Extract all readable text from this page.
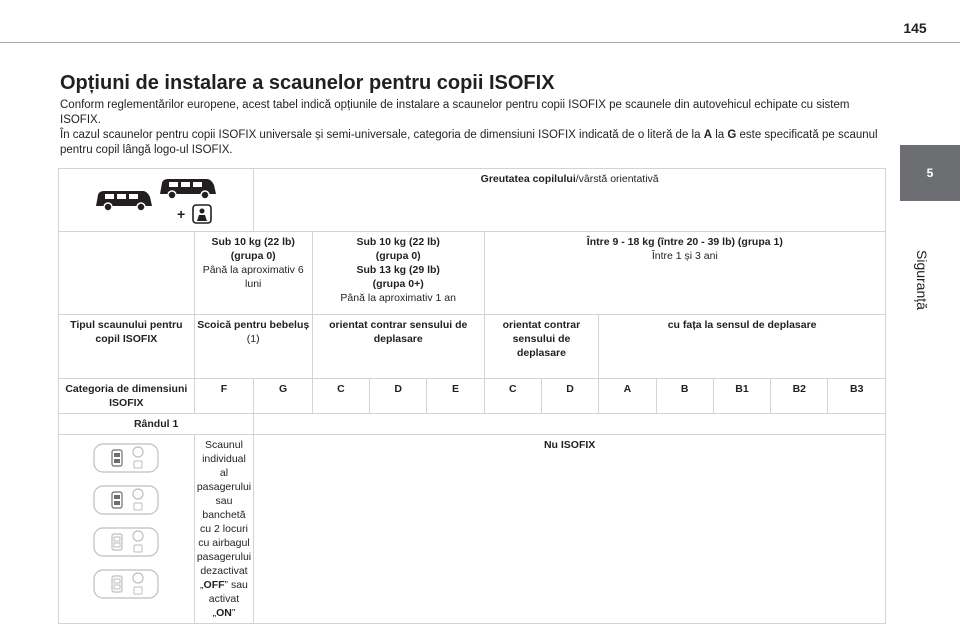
145
5
Siguranță
Opțiuni de instalare a scaunelor pentru copii ISOFIX

Conform reglementărilor europene, acest tabel indică opțiunile de instalare a scaunelor pentru copii ISOFIX pe scaunele din autovehicul echipate cu sistem ISOFIX.

În cazul scaunelor pentru copii ISOFIX universale și semi-universale, categoria de dimensiuni ISOFIX indicată de o literă de la A la G este specificată pe scaunul pentru copil lângă logo-ul ISOFIX.

+		Greutatea copilului/vârstă orientativă										
	Sub 10 kg (22 lb)
(grupa 0)
Până la aproximativ 6 luni		Sub 10 kg (22 lb)
(grupa 0)
Sub 13 kg (29 lb)
(grupa 0+)
Până la aproximativ 1 an			Între 9 - 18 kg (între 20 - 39 lb) (grupa 1)
Între 1 și 3 ani						
Tipul scaunului pentru copil ISOFIX	Scoică pentru bebeluș (1)		orientat contrar sensului de deplasare			orientat contrar sensului de deplasare		cu fața la sensul de deplasare				
Categoria de dimensiuni ISOFIX	F	G	C	D	E	C	D	A	B	B1	B2	B3
Rândul 1												

	Scaunul individual al pasagerului sau banchetă cu 2 locuri cu airbagul pasagerului dezactivat „OFF” sau activat „ON”	Nu ISOFIX										
